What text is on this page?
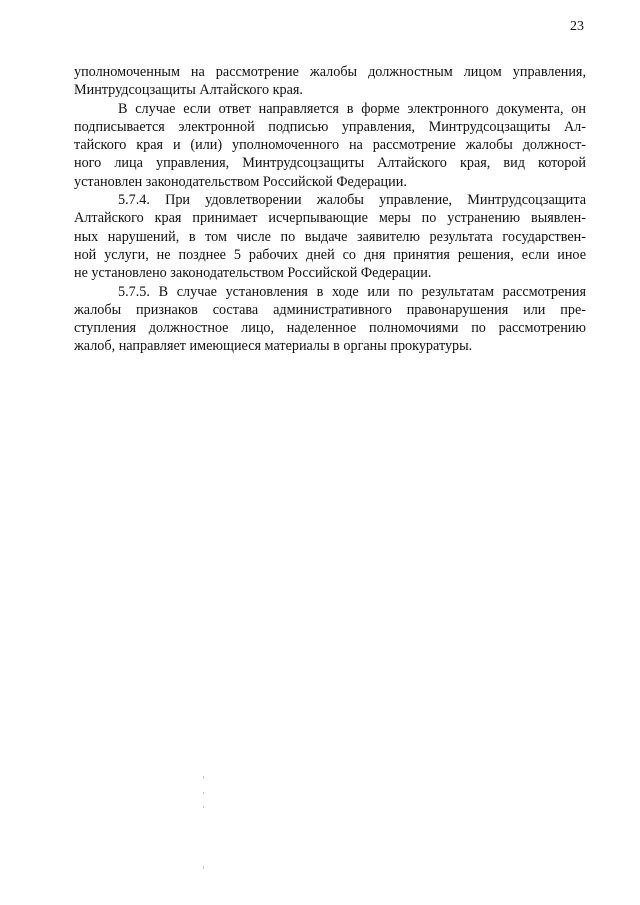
23
уполномоченным на рассмотрение жалобы должностным лицом управления,
Минтрудсоцзащиты Алтайского края.
В случае если ответ направляется в форме электронного документа, он
подписывается электронной подписью управления, Минтрудсоцзащиты Ал-
тайского края и (или) уполномоченного на рассмотрение жалобы должност-
ного лица управления, Минтрудсоцзащиты Алтайского края, вид которой
установлен законодательством Российской Федерации.
5.7.4. При удовлетворении жалобы управление, Минтрудсоцзащита
Алтайского края принимает исчерпывающие меры по устранению выявлен-
ных нарушений, в том числе по выдаче заявителю результата государствен-
ной услуги, не позднее 5 рабочих дней со дня принятия решения, если иное
не установлено законодательством Российской Федерации.
5.7.5. В случае установления в ходе или по результатам рассмотрения
жалобы признаков состава административного правонарушения или пре-
ступления должностное лицо, наделенное полномочиями по рассмотрению
жалоб, направляет имеющиеся материалы в органы прокуратуры.
